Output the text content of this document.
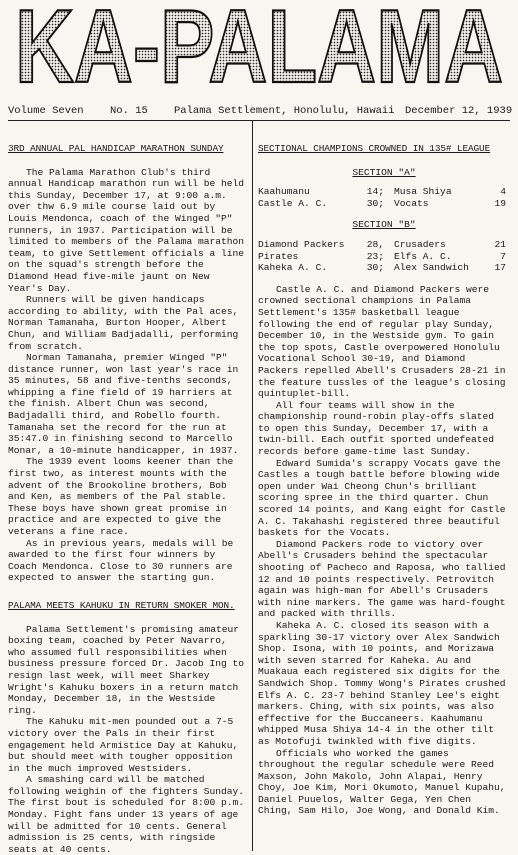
KA-PALAMA
Volume Seven	No. 15 Palama Settlement, Honolulu, Hawaii December 12, 1939
3RD ANNUAL PAL HANDICAP MARATHON SUNDAY

The Palama Marathon Club's third annual Handicap marathon run will be held this Sunday, December 17, at 9:00 a.m. over thw 6.9 mile course laid out by Louis Mendonca, coach of the Winged "P" runners, in 1937. Participation will be limited to members of the Palama marathon team, to give Settlement officials a line on the squad's strength before the Diamond Head five-mile jaunt on New Year's Day.

Runners will be given handicaps according to ability, with the Pal aces, Norman Tamanaha, Burton Hooper, Albert Chun, and William Badjadalli, performing from scratch.

Norman Tamanaha, premier Winged "P" distance runner, won last year's race in 35 minutes, 58 and five-tenths seconds, whipping a fine field of 19 harriers at the finish. Albert Chun was second, Badjadalli third, and Robello fourth. Tamanaha set the record for the run at 35:47.0 in finishing second to Marcello Monar, a 10-minute handicapper, in 1937.

The 1939 event looms keener than the first two, as interest mounts with the advent of the Brookoline brothers, Bob and Ken, as members of the Pal stable. These boys have shown great promise in practice and are expected to give the veterans a fine race.

As in previous years, medals will be awarded to the first four winners by Coach Mendonca. Close to 30 runners are expected to answer the starting gun.

PALAMA MEETS KAHUKU IN RETURN SMOKER MON.

Palama Settlement's promising amateur boxing team, coached by Peter Navarro, who assumed full responsibilities when business pressure forced Dr. Jacob Ing to resign last week, will meet Sharkey Wright's Kahuku boxers in a return match Monday, December 18, in the Westside ring.

The Kahuku mit-men pounded out a 7-5 victory over the Pals in their first engagement held Armistice Day at Kahuku, but should meet with tougher opposition in the much improved Westsiders.

A smashing card will be matched following weighin of the fighters Sunday. The first bout is scheduled for 8:00 p.m. Monday. Fight fans under 13 years of age will be admitted for 10 cents. General admission is 25 cents, with ringside seats at 40 cents.

SECTIONAL CHAMPIONS CROWNED IN 135# LEAGUE
SECTION "A"
Kaahumanu	14;	Musa Shiya	4
Castle A. C.	30;	Vocats	19
SECTION "B"
Diamond Packers	28,	Crusaders	21
Pirates	23;	Elfs A. C.	7
Kaheka A. C.	30;	Alex Sandwich	17

Castle A. C. and Diamond Packers were crowned sectional champions in Palama Settlement's 135# basketball league following the end of regular play Sunday, December 10, in the Westside gym. To gain the top spots, Castle overpowered Honolulu Vocational School 30-19, and Diamond Packers repelled Abell's Crusaders 28-21 in the feature tussles of the league's closing quintuplet-bill.

All four teams will show in the championship round-robin play-offs slated to open this Sunday, December 17, with a twin-bill. Each outfit sported undefeated records before game-time last Sunday.

Edward Sumida's scrappy Vocats gave the Castles a tough battle before blowing wide open under Wai Cheong Chun's brilliant scoring spree in the third quarter. Chun scored 14 points, and Kang eight for Castle A. C. Takahashi registered three beautiful baskets for the Vocats.

Diamond Packers rode to victory over Abell's Crusaders behind the spectacular shooting of Pacheco and Raposa, who tallied 12 and 10 points respectively. Petrovitch again was high-man for Abell's Crusaders with nine markers. The game was hard-fought and packed with thrills.

Kaheka A. C. closed its season with a sparkling 30-17 victory over Alex Sandwich Shop. Isona, with 10 points, and Morizawa with seven starred for Kaheka. Au and Muakaua each registered six digits for the Sandwich Shop. Tommy Wong's Pirates crushed Elfs A. C. 23-7 behind Stanley Lee's eight markers. Ching, with six points, was also effective for the Buccaneers. Kaahumanu whipped Musa Shiya 14-4 in the other tilt as Motofuji twinkled with five digits.

Officials who worked the games throughout the regular schedule were Reed Maxson, John Makolo, John Alapai, Henry Choy, Joe Kim, Mori Okumoto, Manuel Kupahu, Daniel Puuelos, Walter Gega, Yen Chen Ching, Sam Hilo, Joe Wong, and Donald Kim.
